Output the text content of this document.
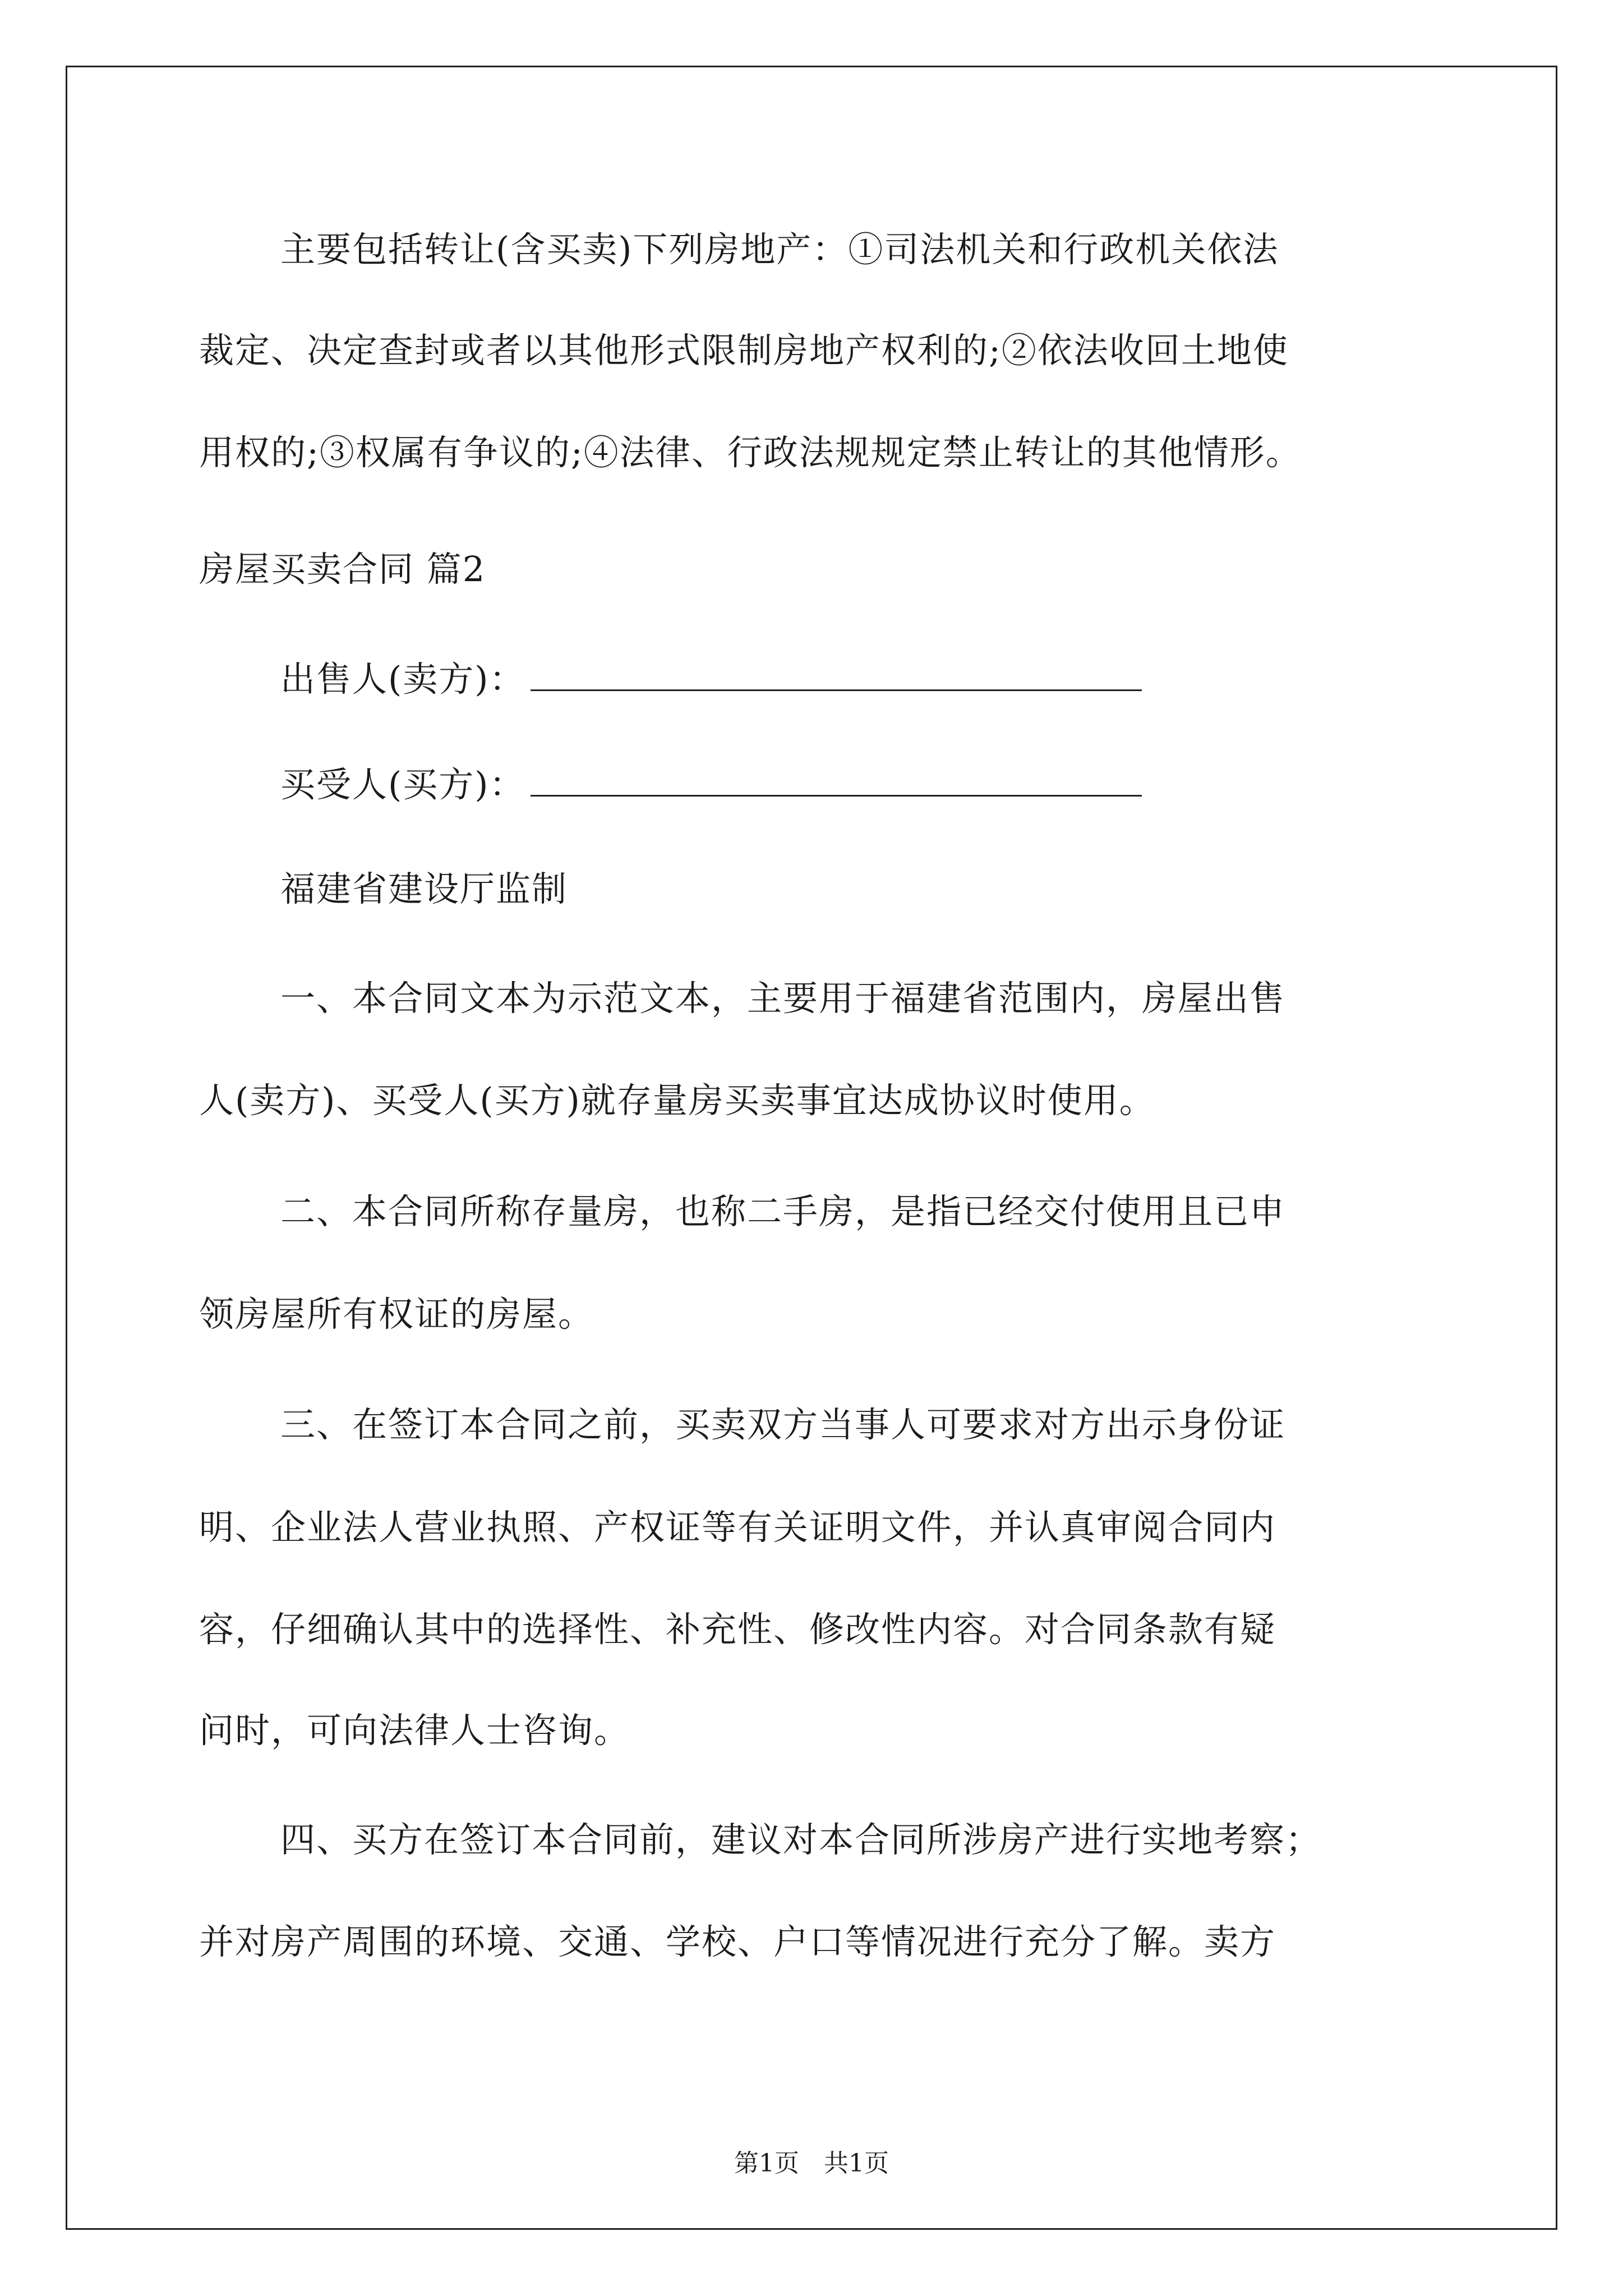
主要包括转让(含买卖)下列房地产：①司法机关和行政机关依法
裁定、决定查封或者以其他形式限制房地产权利的;②依法收回土地使
用权的;③权属有争议的;④法律、行政法规规定禁止转让的其他情形。
房屋买卖合同 篇2
出售人(卖方)：
买受人(买方)：
福建省建设厅监制
一、本合同文本为示范文本，主要用于福建省范围内，房屋出售
人(卖方)、买受人(买方)就存量房买卖事宜达成协议时使用。
二、本合同所称存量房，也称二手房，是指已经交付使用且已申
领房屋所有权证的房屋。
三、在签订本合同之前，买卖双方当事人可要求对方出示身份证
明、企业法人营业执照、产权证等有关证明文件，并认真审阅合同内
容，仔细确认其中的选择性、补充性、修改性内容。对合同条款有疑
问时，可向法律人士咨询。
四、买方在签订本合同前，建议对本合同所涉房产进行实地考察；
并对房产周围的环境、交通、学校、户口等情况进行充分了解。卖方
第1页　共1页
